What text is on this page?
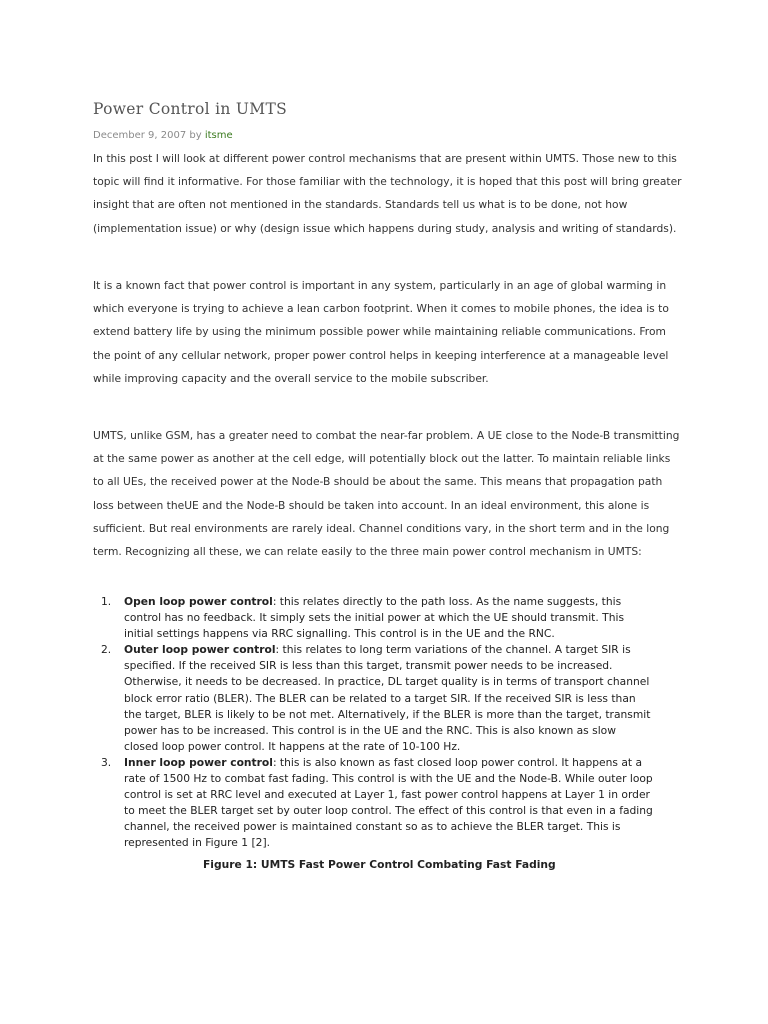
Power Control in UMTS
December 9, 2007 by itsme

In this post I will look at different power control mechanisms that are present within UMTS. Those new to this topic will find it informative. For those familiar with the technology, it is hoped that this post will bring greater insight that are often not mentioned in the standards. Standards tell us what is to be done, not how (implementation issue) or why (design issue which happens during study, analysis and writing of standards).

It is a known fact that power control is important in any system, particularly in an age of global warming in which everyone is trying to achieve a lean carbon footprint. When it comes to mobile phones, the idea is to extend battery life by using the minimum possible power while maintaining reliable communications. From the point of any cellular network, proper power control helps in keeping interference at a manageable level while improving capacity and the overall service to the mobile subscriber.

UMTS, unlike GSM, has a greater need to combat the near-far problem. A UE close to the Node-B transmitting at the same power as another at the cell edge, will potentially block out the latter. To maintain reliable links to all UEs, the received power at the Node-B should be about the same. This means that propagation path loss between theUE and the Node-B should be taken into account. In an ideal environment, this alone is sufficient. But real environments are rarely ideal. Channel conditions vary, in the short term and in the long term. Recognizing all these, we can relate easily to the three main power control mechanism in UMTS:

1. Open loop power control: this relates directly to the path loss. As the name suggests, this control has no feedback. It simply sets the initial power at which the UE should transmit. This initial settings happens via RRC signalling. This control is in the UE and the RNC.
2. Outer loop power control: this relates to long term variations of the channel. A target SIR is specified. If the received SIR is less than this target, transmit power needs to be increased. Otherwise, it needs to be decreased. In practice, DL target quality is in terms of transport channel block error ratio (BLER). The BLER can be related to a target SIR. If the received SIR is less than the target, BLER is likely to be not met. Alternatively, if the BLER is more than the target, transmit power has to be increased. This control is in the UE and the RNC. This is also known as slow closed loop power control. It happens at the rate of 10-100 Hz.
3. Inner loop power control: this is also known as fast closed loop power control. It happens at a rate of 1500 Hz to combat fast fading. This control is with the UE and the Node-B. While outer loop control is set at RRC level and executed at Layer 1, fast power control happens at Layer 1 in order to meet the BLER target set by outer loop control. The effect of this control is that even in a fading channel, the received power is maintained constant so as to achieve the BLER target. This is represented in Figure 1 [2].

Figure 1: UMTS Fast Power Control Combating Fast Fading
